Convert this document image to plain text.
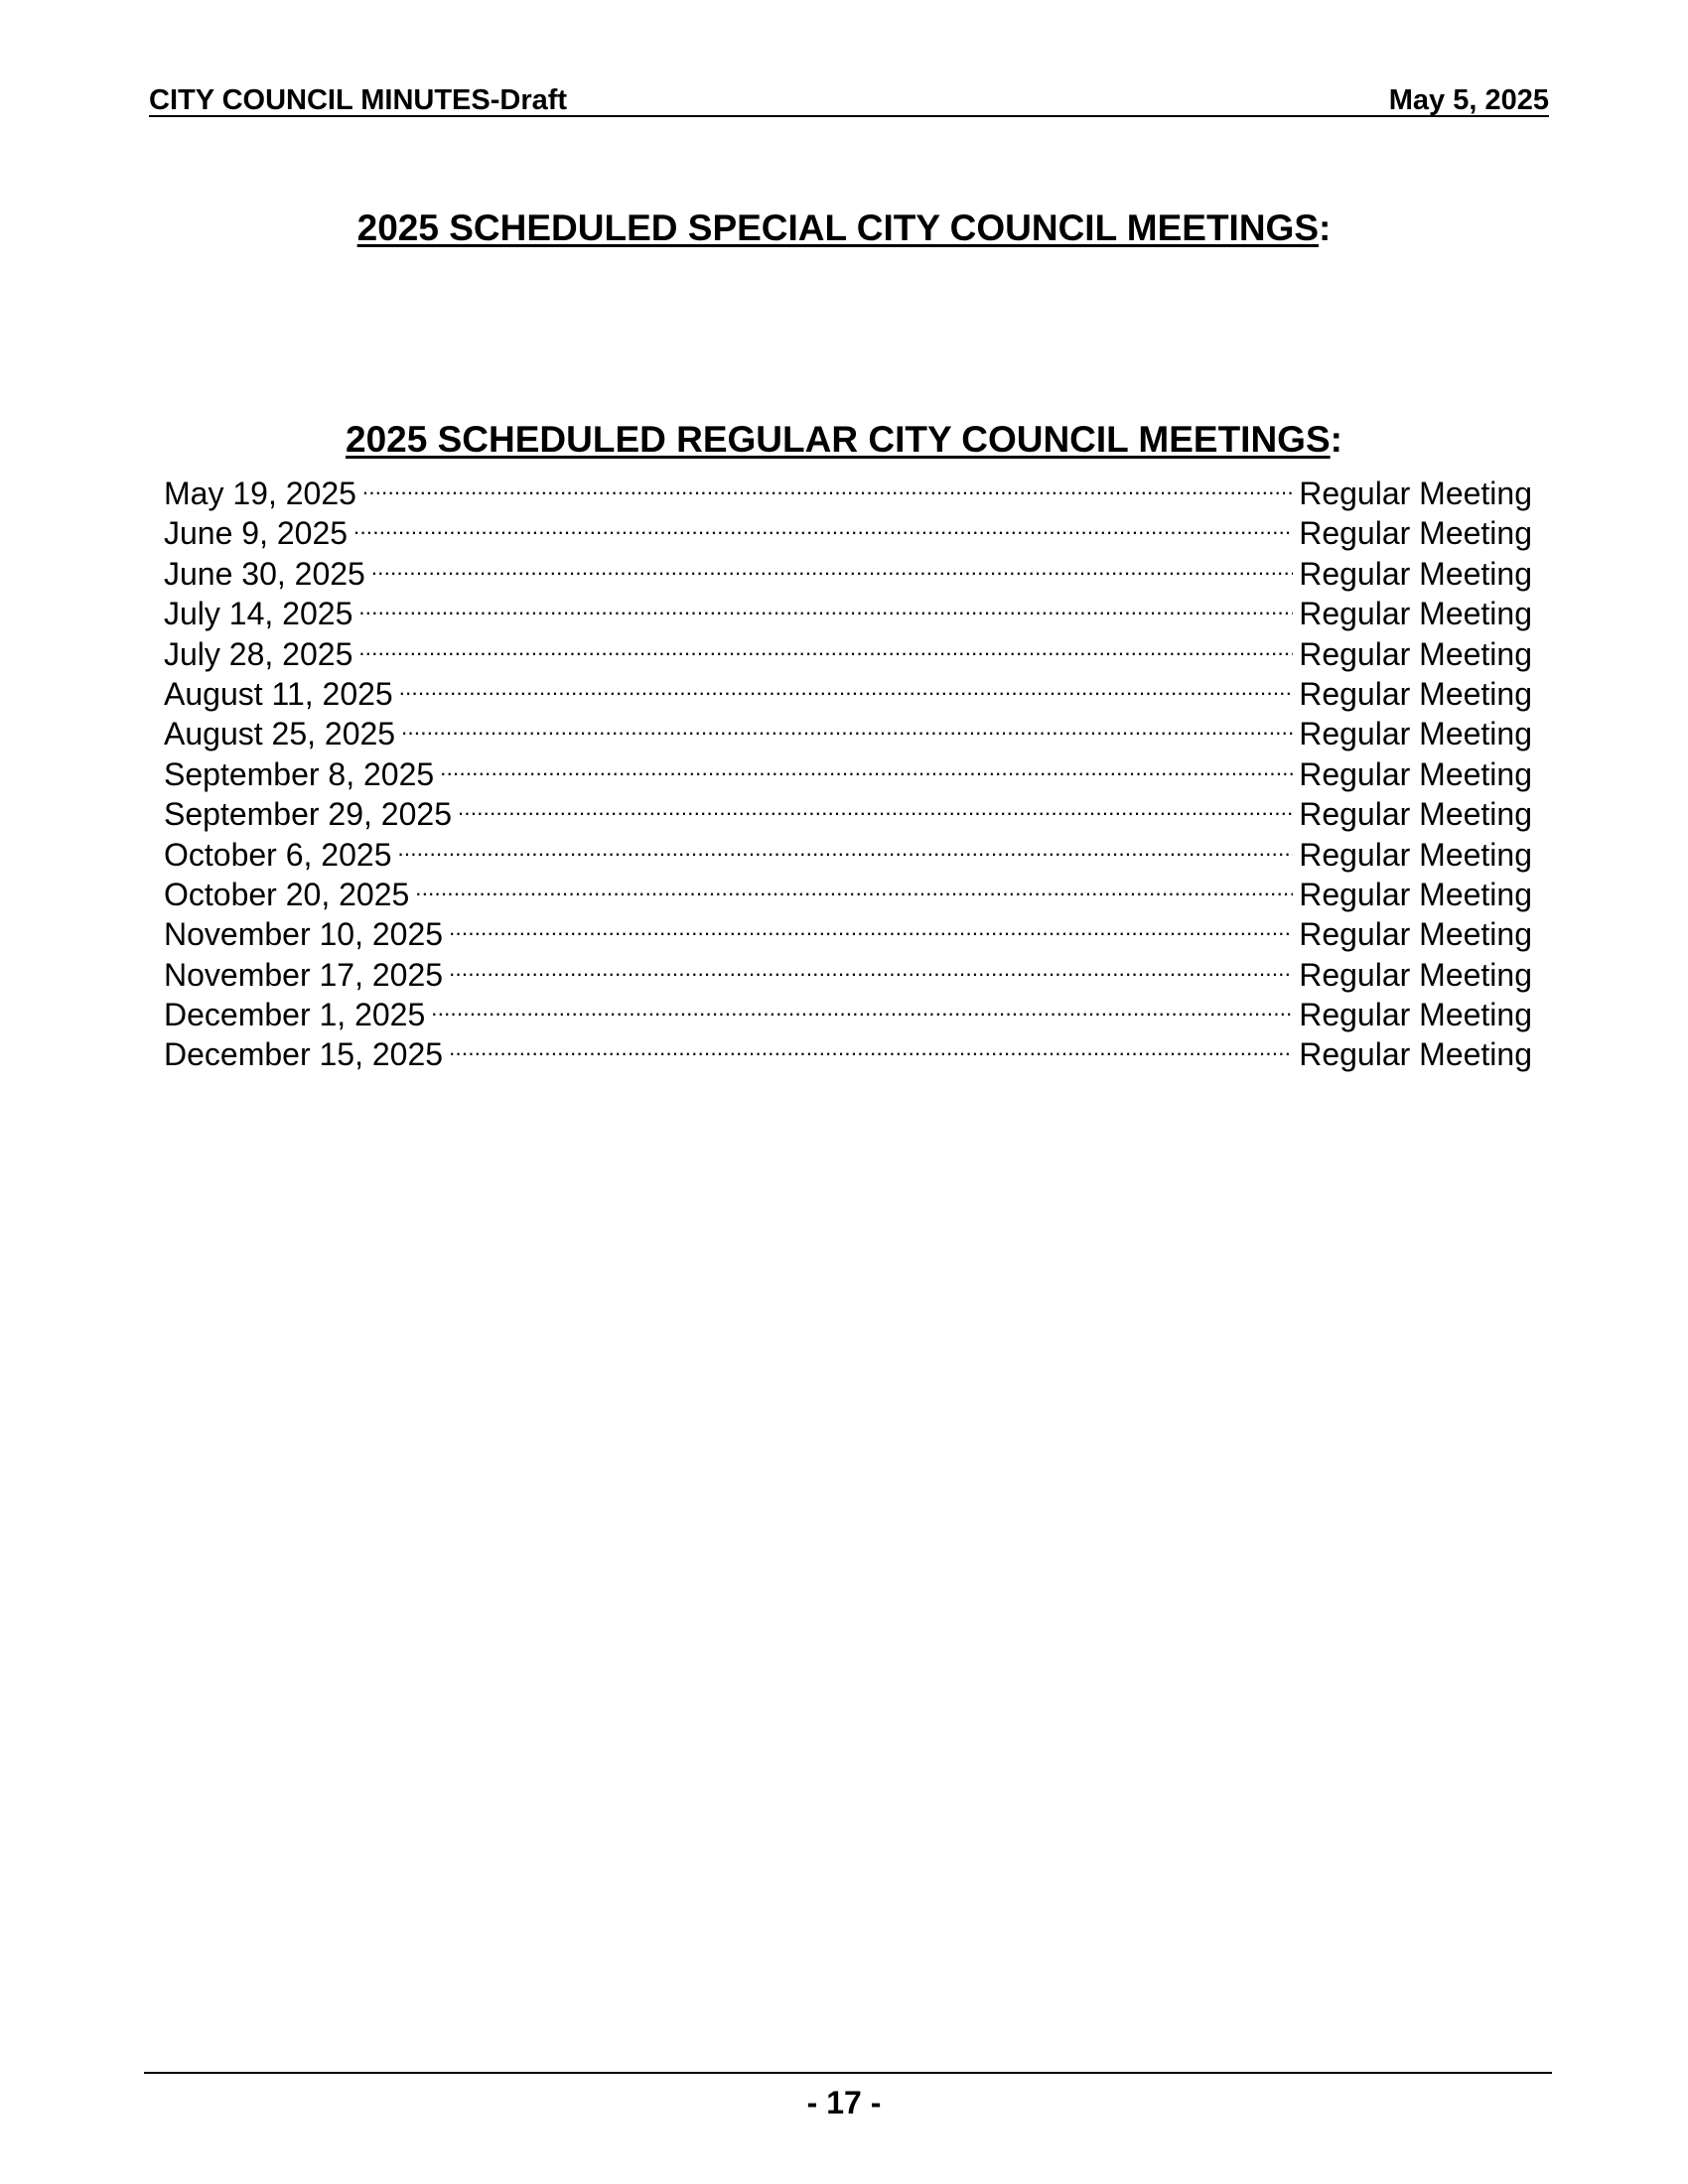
CITY COUNCIL MINUTES-Draft	May 5, 2025
2025 SCHEDULED SPECIAL CITY COUNCIL MEETINGS:
2025 SCHEDULED REGULAR CITY COUNCIL MEETINGS:
May 19, 2025 . . .	Regular Meeting
June 9, 2025 . . .	Regular Meeting
June 30, 2025 . . .	Regular Meeting
July 14, 2025 . . .	Regular Meeting
July 28, 2025 . . .	Regular Meeting
August 11, 2025 . . .	Regular Meeting
August 25, 2025 . . .	Regular Meeting
September 8, 2025 . . .	Regular Meeting
September 29, 2025 . . .	Regular Meeting
October 6, 2025 . . .	Regular Meeting
October 20, 2025 . . .	Regular Meeting
November 10, 2025 . . .	Regular Meeting
November 17, 2025 . . .	Regular Meeting
December 1, 2025 . . .	Regular Meeting
December 15, 2025 . . .	Regular Meeting
- 17 -
